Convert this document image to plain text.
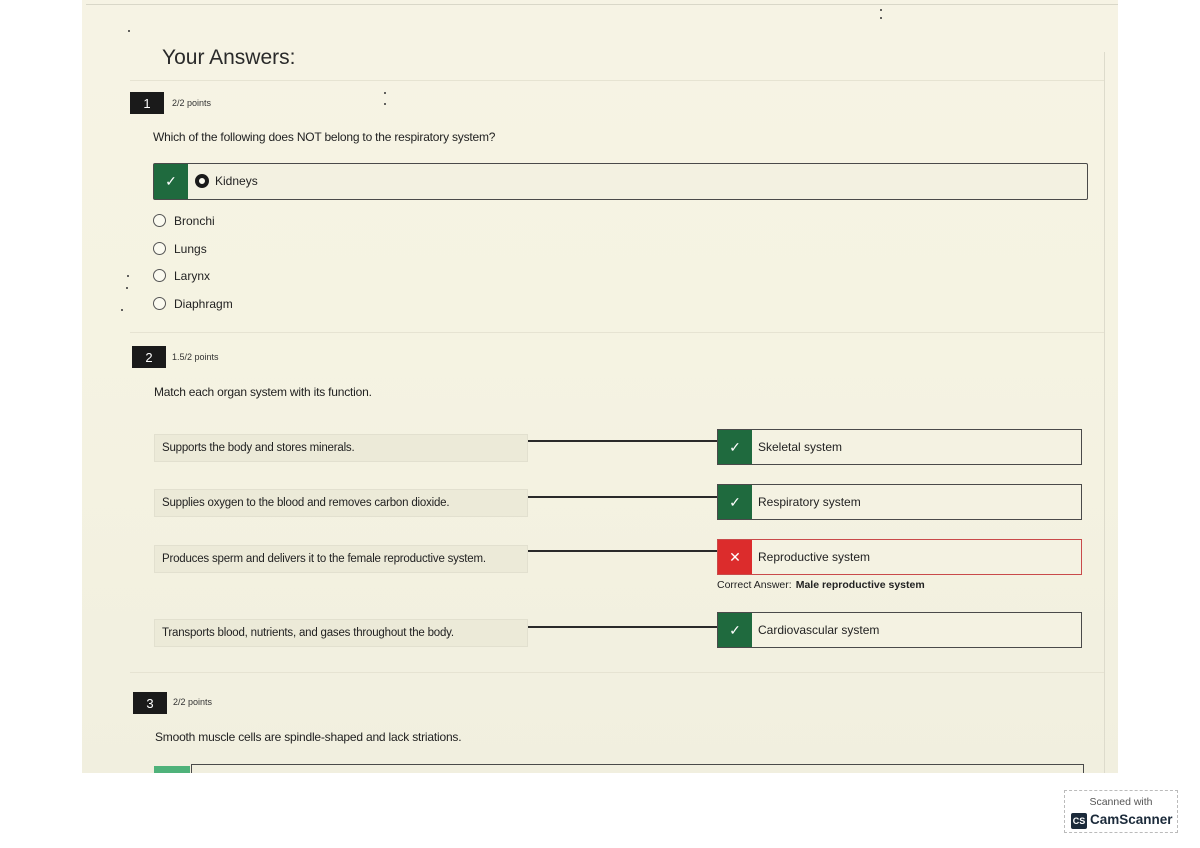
Your Answers:
1	2/2 points
Which of the following does NOT belong to the respiratory system?
✓	Kidneys
Bronchi
Lungs
Larynx
Diaphragm
2	1.5/2 points
Match each organ system with its function.
Supports the body and stores minerals.	✓	Skeletal system
Supplies oxygen to the blood and removes carbon dioxide.	✓	Respiratory system
Produces sperm and delivers it to the female reproductive system.	✕	Reproductive system
Correct Answer: Male reproductive system
Transports blood, nutrients, and gases throughout the body.	✓	Cardiovascular system
3	2/2 points
Smooth muscle cells are spindle-shaped and lack striations.
Scanned with
CS CamScanner
